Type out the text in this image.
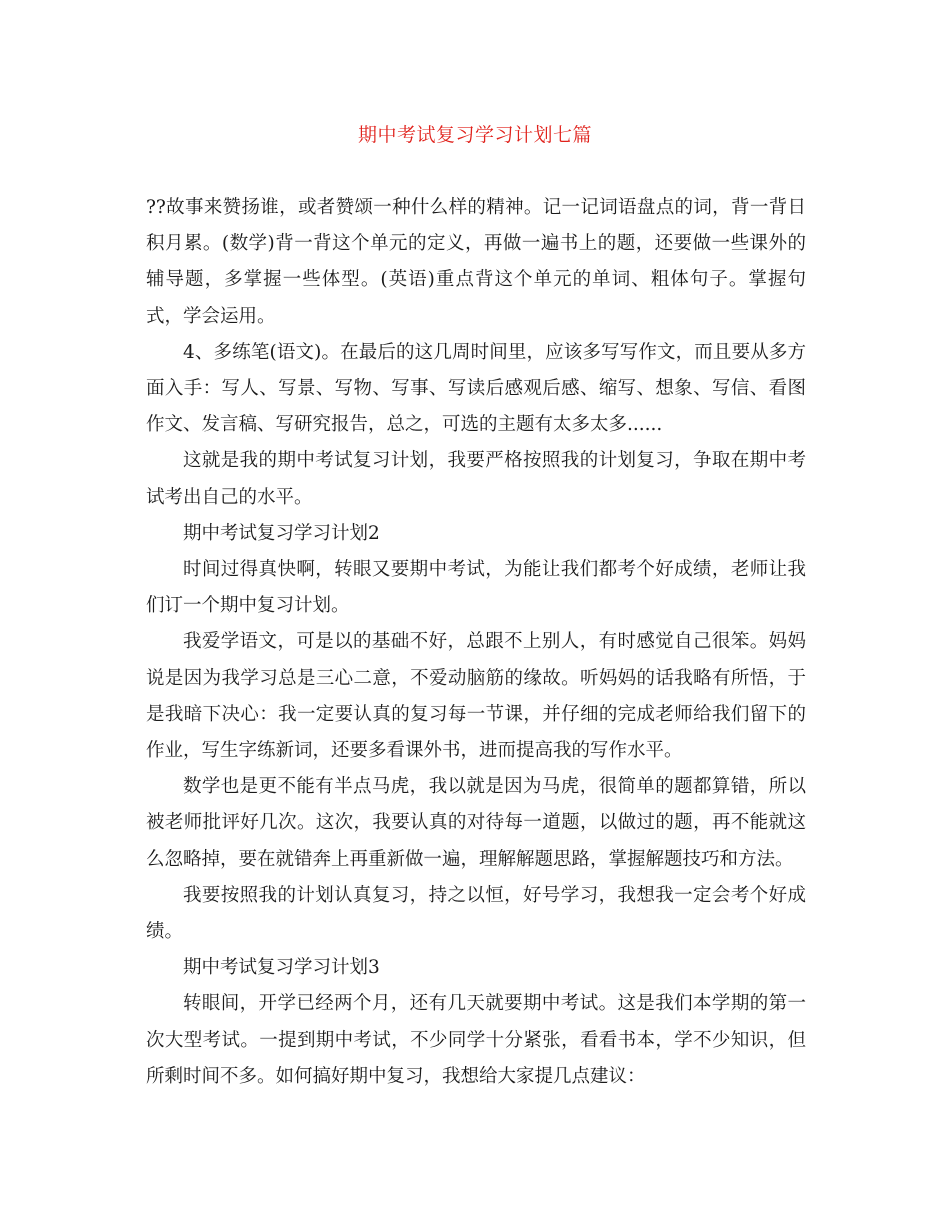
期中考试复习学习计划七篇

??故事来赞扬谁，或者赞颂一种什么样的精神。记一记词语盘点的词，背一背日积月累。(数学)背一背这个单元的定义，再做一遍书上的题，还要做一些课外的辅导题，多掌握一些体型。(英语)重点背这个单元的单词、粗体句子。掌握句式，学会运用。

4、多练笔(语文)。在最后的这几周时间里，应该多写写作文，而且要从多方面入手：写人、写景、写物、写事、写读后感观后感、缩写、想象、写信、看图作文、发言稿、写研究报告，总之，可选的主题有太多太多......

这就是我的期中考试复习计划，我要严格按照我的计划复习，争取在期中考试考出自己的水平。

期中考试复习学习计划2

时间过得真快啊，转眼又要期中考试，为能让我们都考个好成绩，老师让我们订一个期中复习计划。

我爱学语文，可是以的基础不好，总跟不上别人，有时感觉自己很笨。妈妈说是因为我学习总是三心二意，不爱动脑筋的缘故。听妈妈的话我略有所悟，于是我暗下决心：我一定要认真的复习每一节课，并仔细的完成老师给我们留下的作业，写生字练新词，还要多看课外书，进而提高我的写作水平。

数学也是更不能有半点马虎，我以就是因为马虎，很简单的题都算错，所以被老师批评好几次。这次，我要认真的对待每一道题，以做过的题，再不能就这么忽略掉，要在就错奔上再重新做一遍，理解解题思路，掌握解题技巧和方法。

我要按照我的计划认真复习，持之以恒，好号学习，我想我一定会考个好成绩。

期中考试复习学习计划3

转眼间，开学已经两个月，还有几天就要期中考试。这是我们本学期的第一次大型考试。一提到期中考试，不少同学十分紧张，看看书本，学不少知识，但所剩时间不多。如何搞好期中复习，我想给大家提几点建议：
